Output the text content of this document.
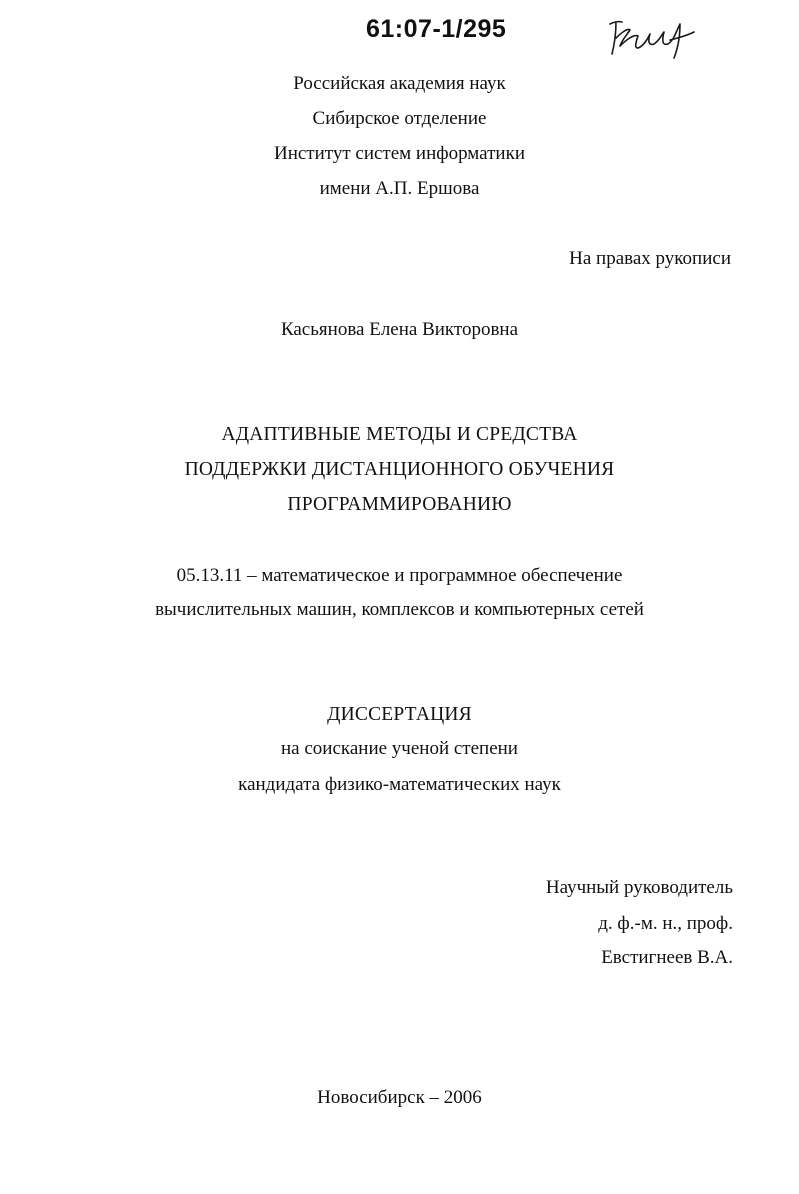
61:07-1/295
Российская академия наук
Сибирское отделение
Институт систем информатики
имени А.П. Ершова
На правах рукописи
Касьянова Елена Викторовна
АДАПТИВНЫЕ МЕТОДЫ И СРЕДСТВА
ПОДДЕРЖКИ ДИСТАНЦИОННОГО ОБУЧЕНИЯ
ПРОГРАММИРОВАНИЮ
05.13.11 – математическое и программное обеспечение
вычислительных машин, комплексов и компьютерных сетей
ДИССЕРТАЦИЯ
на соискание ученой степени
кандидата физико-математических наук
Научный руководитель
д. ф.-м. н., проф.
Евстигнеев В.А.
Новосибирск – 2006
